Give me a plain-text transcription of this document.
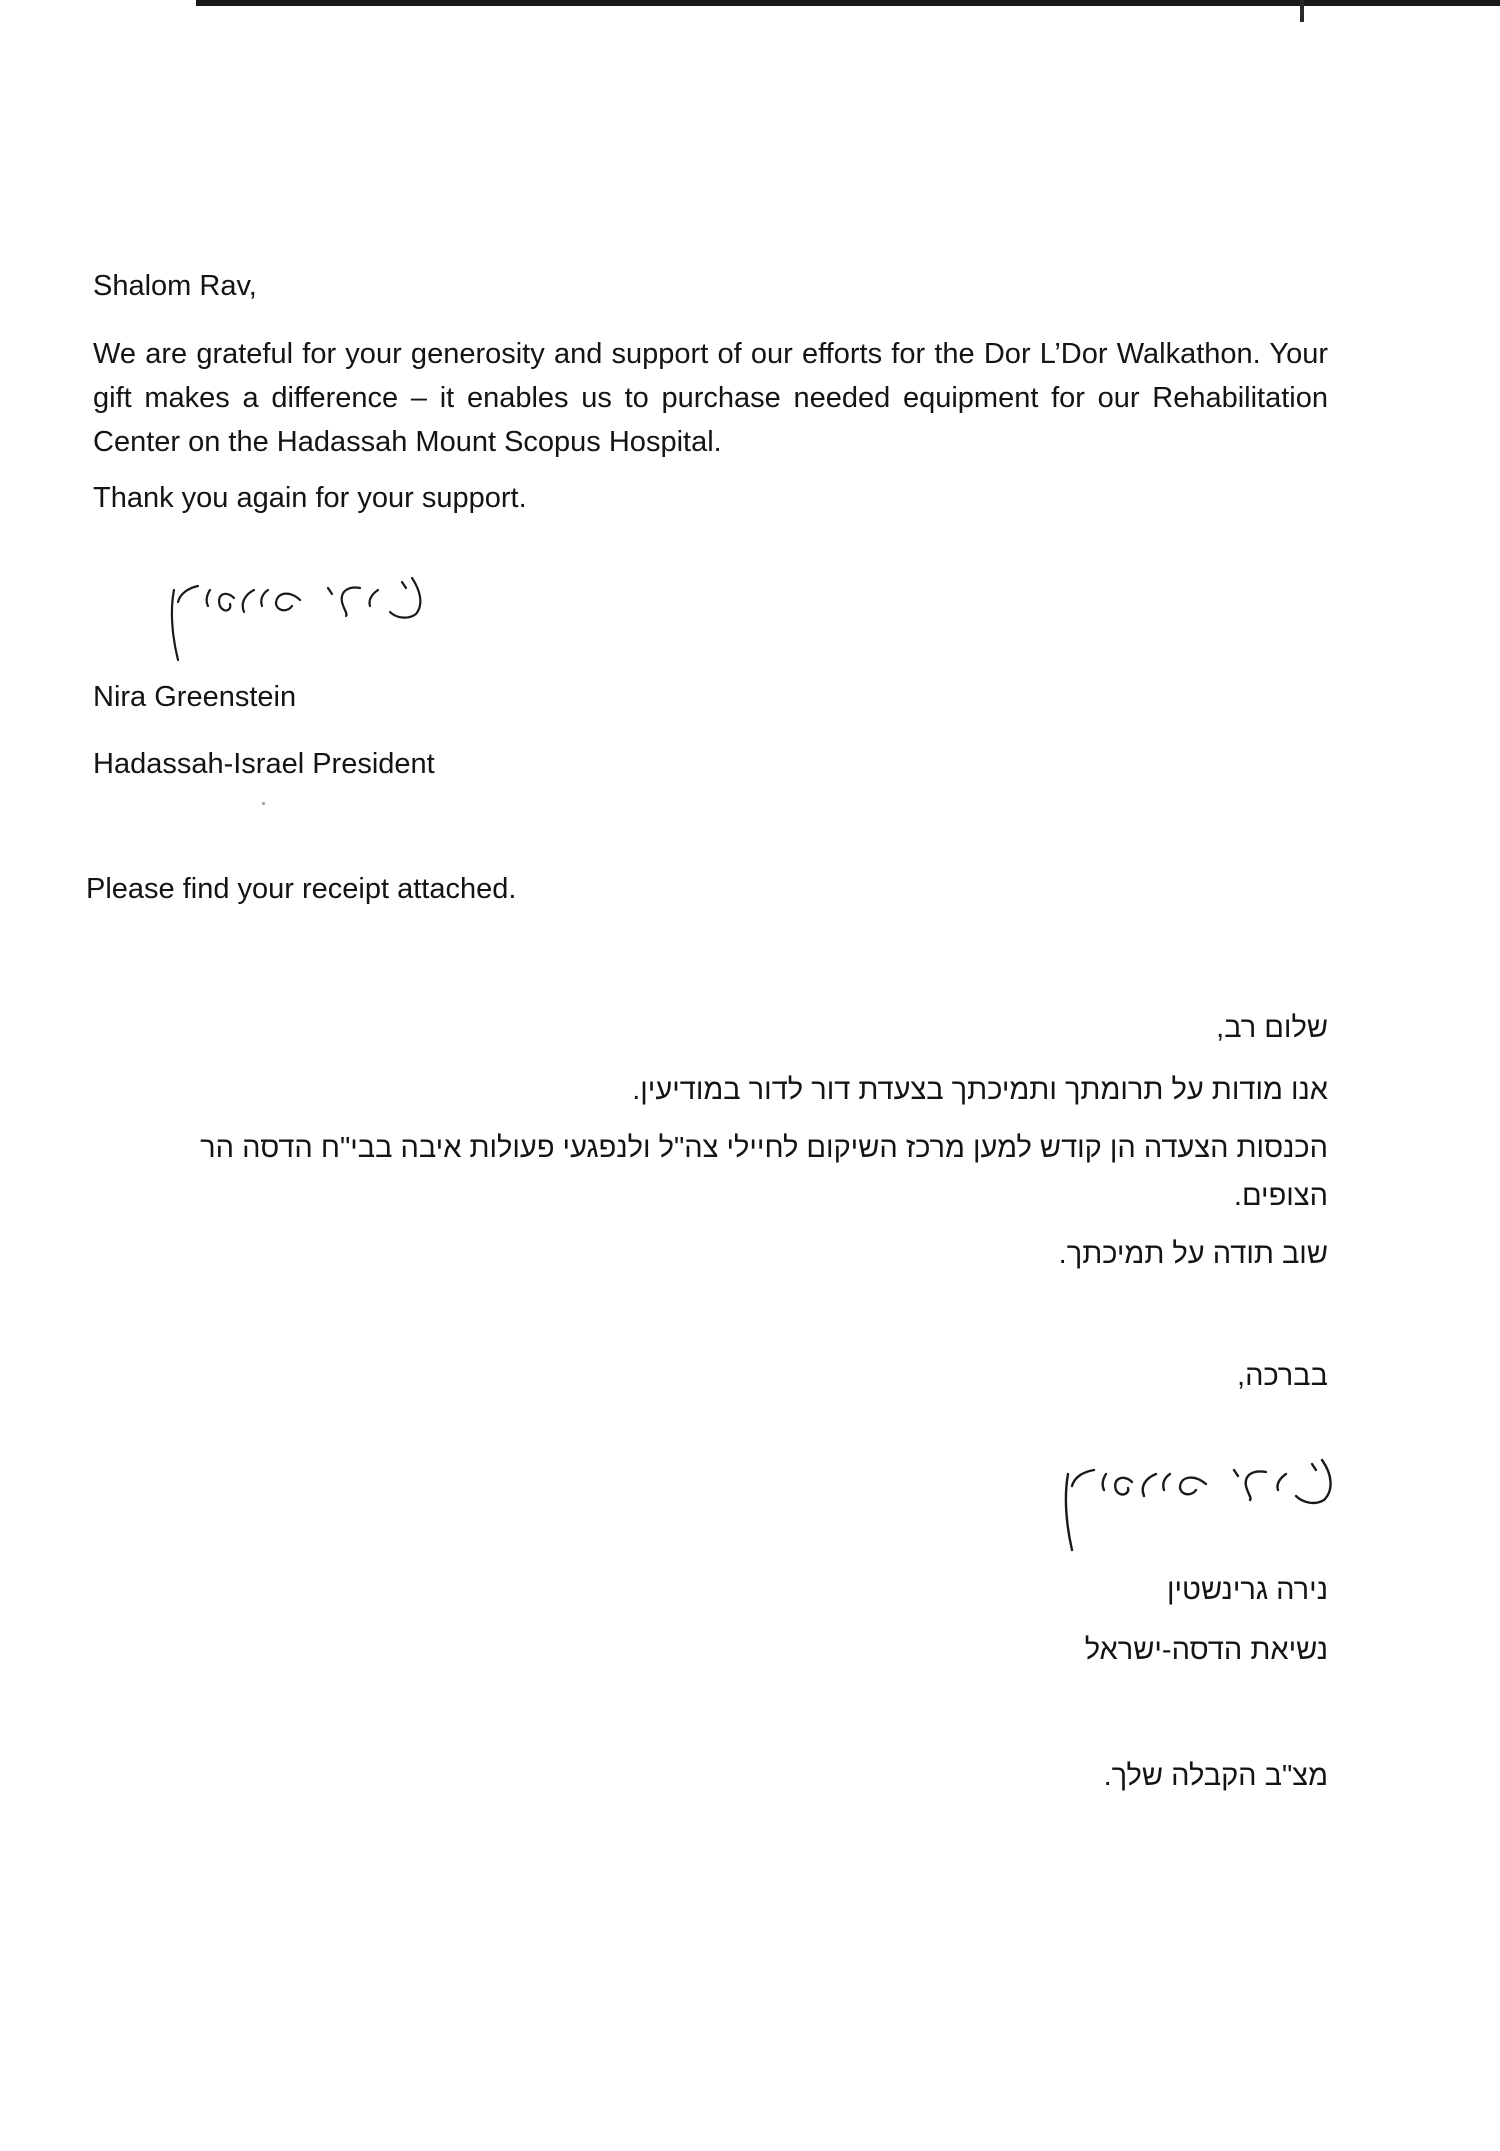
Shalom Rav,

We are grateful for your generosity and support of our efforts for the Dor L’Dor Walkathon. Your gift makes a difference – it enables us to purchase needed equipment for our Rehabilitation Center on the Hadassah Mount Scopus Hospital.

Thank you again for your support.

Nira Greenstein

Hadassah-Israel President

Please find your receipt attached.

שלום רב,

אנו מודות על תרומתך ותמיכתך בצעדת דור לדור במודיעין.

הכנסות הצעדה הן קודש למען מרכז השיקום לחיילי צה"ל ולנפגעי פעולות איבה בבי"ח הדסה הר הצופים.

שוב תודה על תמיכתך.

בברכה,

נירה גרינשטין

נשיאת הדסה-ישראל

מצ"ב הקבלה שלך.
